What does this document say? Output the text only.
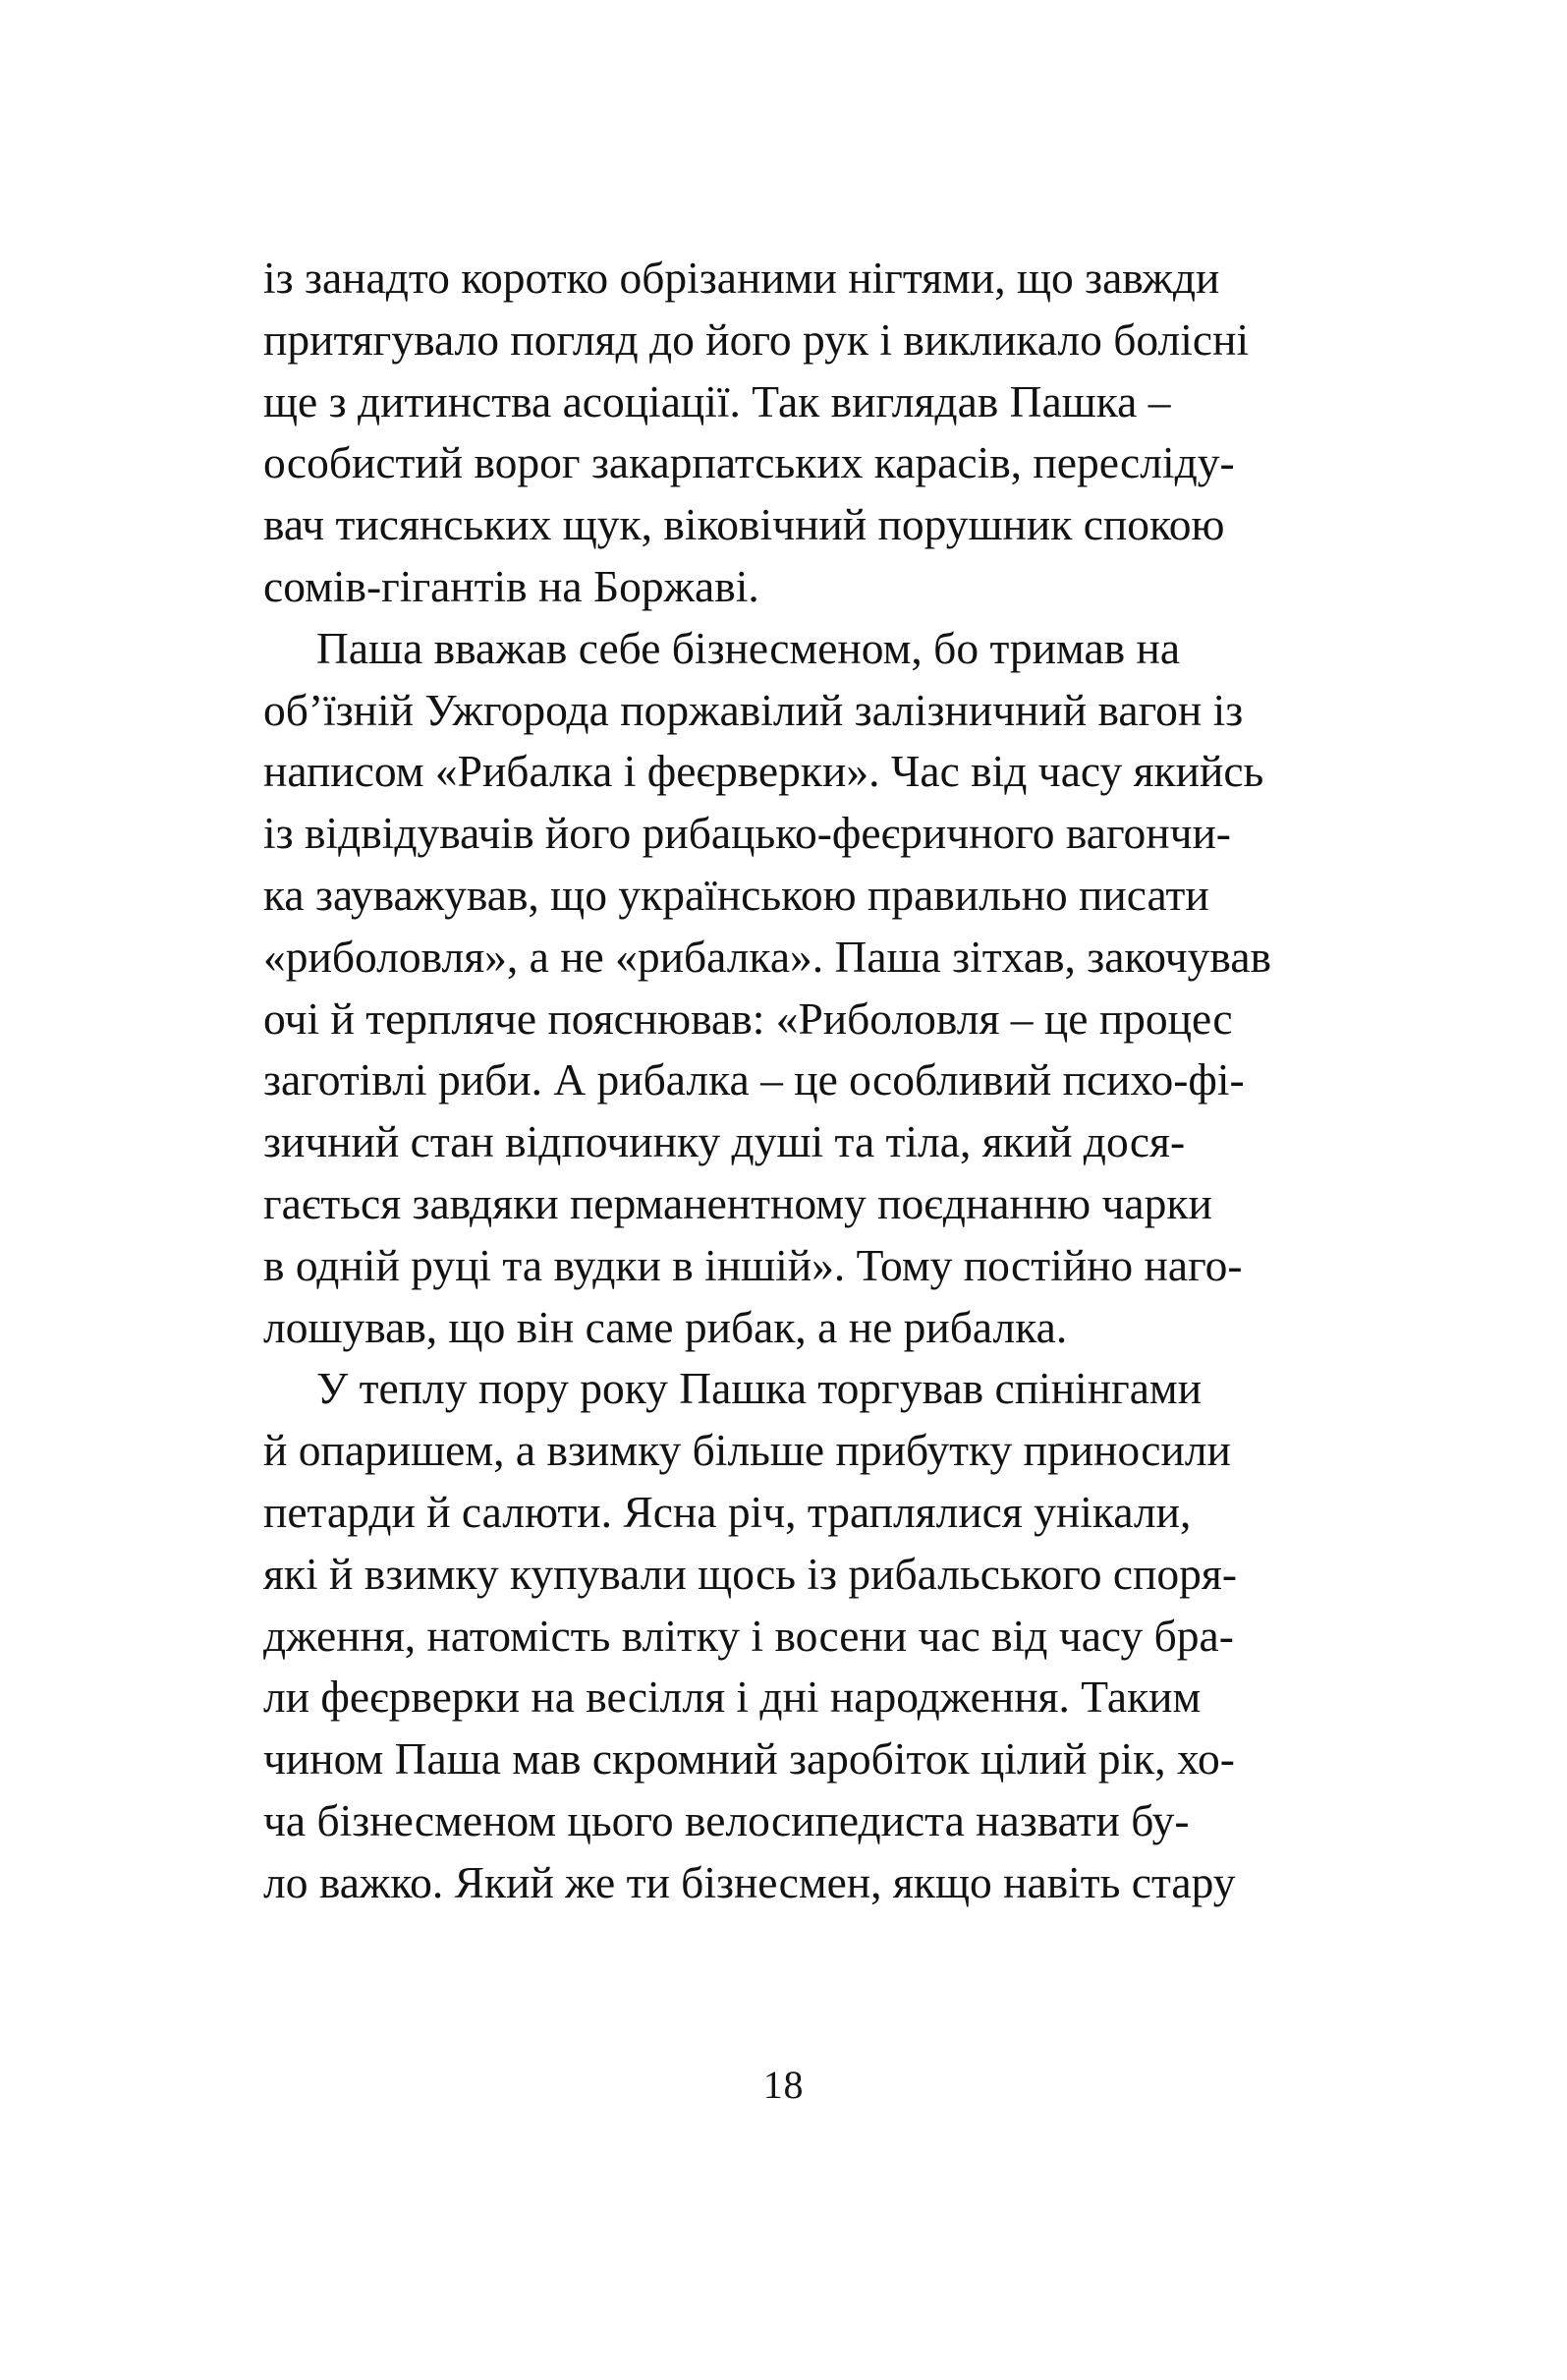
із занадто коротко обрізаними нігтями, що завжди
притягувало погляд до його рук і викликало болісні
ще з дитинства асоціації. Так виглядав Пашка –
особистий ворог закарпатських карасів, пересліду-
вач тисянських щук, віковічний порушник спокою
сомів-гігантів на Боржаві.
Паша вважав себе бізнесменом, бо тримав на
об’їзній Ужгорода поржавілий залізничний вагон із
написом «Рибалка і феєрверки». Час від часу якийсь
із відвідувачів його рибацько-феєричного вагончи-
ка зауважував, що українською правильно писати
«риболовля», а не «рибалка». Паша зітхав, закочував
очі й терпляче пояснював: «Риболовля – це процес
заготівлі риби. А рибалка – це особливий психо-фі-
зичний стан відпочинку душі та тіла, який дося-
гається завдяки перманентному поєднанню чарки
в одній руці та вудки в іншій». Тому постійно наго-
лошував, що він саме рибак, а не рибалка.
У теплу пору року Пашка торгував спінінгами
й опаришем, а взимку більше прибутку приносили
петарди й салюти. Ясна річ, траплялися унікали,
які й взимку купували щось із рибальського споря-
дження, натомість влітку і восени час від часу бра-
ли феєрверки на весілля і дні народження. Таким
чином Паша мав скромний заробіток цілий рік, хо-
ча бізнесменом цього велосипедиста назвати бу-
ло важко. Який же ти бізнесмен, якщо навіть стару
18
